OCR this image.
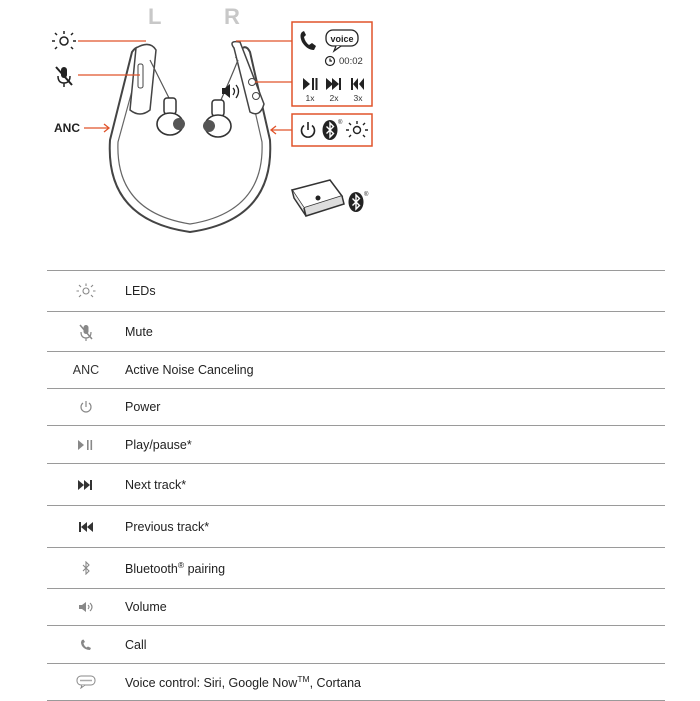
L	R
ANC
voice
00:02
1x 2x 3x
®
®
LEDs
Mute
ANC	Active Noise Canceling
Power
Play/pause*
Next track*
Previous track*
Bluetooth® pairing
Volume
Call
Voice control: Siri, Google Now™, Cortana
